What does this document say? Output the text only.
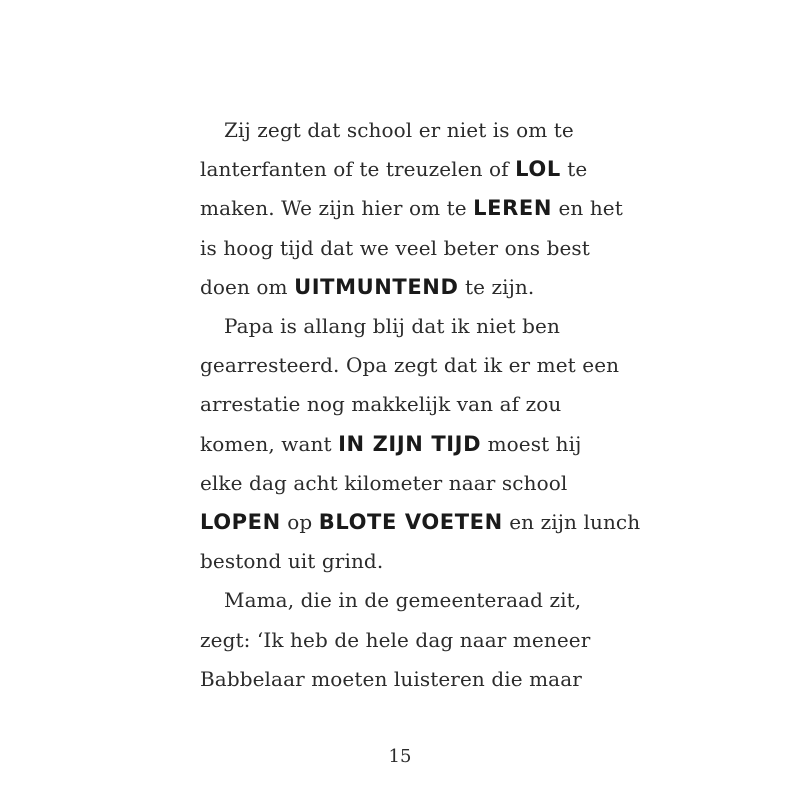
Zij zegt dat school er niet is om te
lanterfanten of te treuzelen of LOL te
maken. We zijn hier om te LEREN en het
is hoog tijd dat we veel beter ons best
doen om UITMUNTEND te zijn.
Papa is allang blij dat ik niet ben
gearresteerd. Opa zegt dat ik er met een
arrestatie nog makkelijk van af zou
komen, want IN ZIJN TIJD moest hij
elke dag acht kilometer naar school
LOPEN op BLOTE VOETEN en zijn lunch
bestond uit grind.
Mama, die in de gemeenteraad zit,
zegt: ‘Ik heb de hele dag naar meneer
Babbelaar moeten luisteren die maar
15
